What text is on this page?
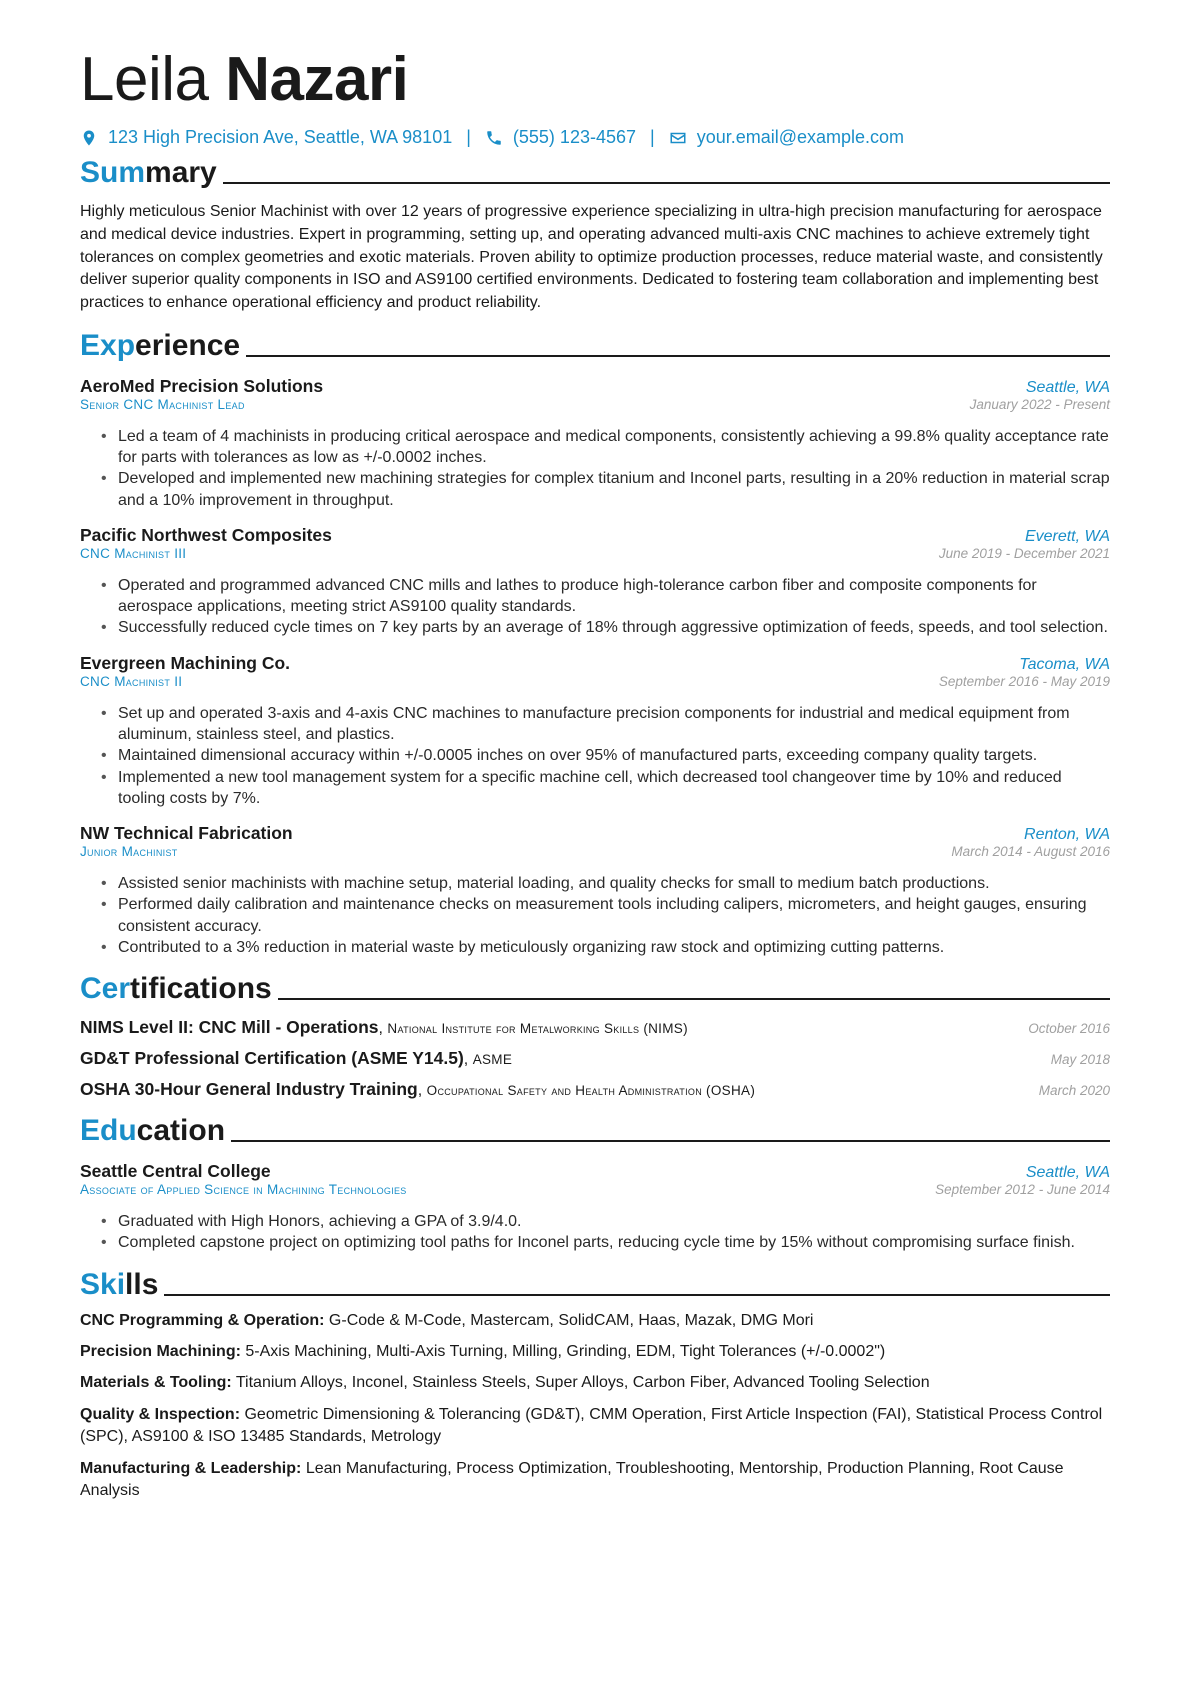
Leila Nazari
123 High Precision Ave, Seattle, WA 98101 | (555) 123-4567 | your.email@example.com
Summary

Highly meticulous Senior Machinist with over 12 years of progressive experience specializing in ultra-high precision manufacturing for aerospace and medical device industries. Expert in programming, setting up, and operating advanced multi-axis CNC machines to achieve extremely tight tolerances on complex geometries and exotic materials. Proven ability to optimize production processes, reduce material waste, and consistently deliver superior quality components in ISO and AS9100 certified environments. Dedicated to fostering team collaboration and implementing best practices to enhance operational efficiency and product reliability.

Experience
AeroMed Precision Solutions	Seattle, WA
Senior CNC Machinist Lead	January 2022 - Present
• Led a team of 4 machinists in producing critical aerospace and medical components, consistently achieving a 99.8% quality acceptance rate for parts with tolerances as low as +/-0.0002 inches.
• Developed and implemented new machining strategies for complex titanium and Inconel parts, resulting in a 20% reduction in material scrap and a 10% improvement in throughput.
Pacific Northwest Composites	Everett, WA
CNC Machinist III	June 2019 - December 2021
• Operated and programmed advanced CNC mills and lathes to produce high-tolerance carbon fiber and composite components for aerospace applications, meeting strict AS9100 quality standards.
• Successfully reduced cycle times on 7 key parts by an average of 18% through aggressive optimization of feeds, speeds, and tool selection.
Evergreen Machining Co.	Tacoma, WA
CNC Machinist II	September 2016 - May 2019
• Set up and operated 3-axis and 4-axis CNC machines to manufacture precision components for industrial and medical equipment from aluminum, stainless steel, and plastics.
• Maintained dimensional accuracy within +/-0.0005 inches on over 95% of manufactured parts, exceeding company quality targets.
• Implemented a new tool management system for a specific machine cell, which decreased tool changeover time by 10% and reduced tooling costs by 7%.
NW Technical Fabrication	Renton, WA
Junior Machinist	March 2014 - August 2016
• Assisted senior machinists with machine setup, material loading, and quality checks for small to medium batch productions.
• Performed daily calibration and maintenance checks on measurement tools including calipers, micrometers, and height gauges, ensuring consistent accuracy.
• Contributed to a 3% reduction in material waste by meticulously organizing raw stock and optimizing cutting patterns.
Certifications
NIMS Level II: CNC Mill - Operations, National Institute for Metalworking Skills (NIMS)	October 2016
GD&T Professional Certification (ASME Y14.5), ASME	May 2018
OSHA 30-Hour General Industry Training, Occupational Safety and Health Administration (OSHA)	March 2020
Education
Seattle Central College	Seattle, WA
Associate of Applied Science in Machining Technologies	September 2012 - June 2014
• Graduated with High Honors, achieving a GPA of 3.9/4.0.
• Completed capstone project on optimizing tool paths for Inconel parts, reducing cycle time by 15% without compromising surface finish.
Skills

CNC Programming & Operation: G-Code & M-Code, Mastercam, SolidCAM, Haas, Mazak, DMG Mori

Precision Machining: 5-Axis Machining, Multi-Axis Turning, Milling, Grinding, EDM, Tight Tolerances (+/-0.0002")

Materials & Tooling: Titanium Alloys, Inconel, Stainless Steels, Super Alloys, Carbon Fiber, Advanced Tooling Selection

Quality & Inspection: Geometric Dimensioning & Tolerancing (GD&T), CMM Operation, First Article Inspection (FAI), Statistical Process Control (SPC), AS9100 & ISO 13485 Standards, Metrology

Manufacturing & Leadership: Lean Manufacturing, Process Optimization, Troubleshooting, Mentorship, Production Planning, Root Cause Analysis
